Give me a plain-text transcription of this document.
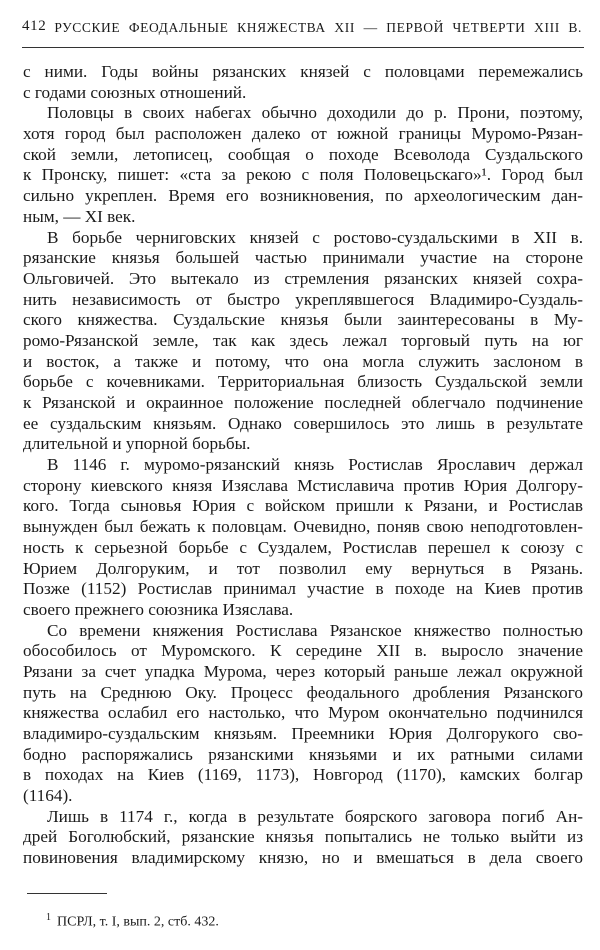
412 РУССКИЕ ФЕОДАЛЬНЫЕ КНЯЖЕСТВА XII — ПЕРВОЙ ЧЕТВЕРТИ XIII В.
с ними. Годы войны рязанских князей с половцами перемежались
с годами союзных отношений.
Половцы в своих набегах обычно доходили до р. Прони, поэтому,
хотя город был расположен далеко от южной границы Муромо-Рязан-
ской земли, летописец, сообщая о походе Всеволода Суздальского
к Пронску, пишет: «ста за рекою с поля Половецьскаго»¹. Город был
сильно укреплен. Время его возникновения, по археологическим дан-
ным, — XI век.
В борьбе черниговских князей с ростово-суздальскими в XII в.
рязанские князья большей частью принимали участие на стороне
Ольговичей. Это вытекало из стремления рязанских князей сохра-
нить независимость от быстро укреплявшегося Владимиро-Суздаль-
ского княжества. Суздальские князья были заинтересованы в Му-
ромо-Рязанской земле, так как здесь лежал торговый путь на юг
и восток, а также и потому, что она могла служить заслоном в
борьбе с кочевниками. Территориальная близость Суздальской земли
к Рязанской и окраинное положение последней облегчало подчинение
ее суздальским князьям. Однако совершилось это лишь в результате
длительной и упорной борьбы.
В 1146 г. муромо-рязанский князь Ростислав Ярославич держал
сторону киевского князя Изяслава Мстиславича против Юрия Долгору-
кого. Тогда сыновья Юрия с войском пришли к Рязани, и Ростислав
вынужден был бежать к половцам. Очевидно, поняв свою неподготовлен-
ность к серьезной борьбе с Суздалем, Ростислав перешел к союзу с
Юрием Долгоруким, и тот позволил ему вернуться в Рязань.
Позже (1152) Ростислав принимал участие в походе на Киев против
своего прежнего союзника Изяслава.
Со времени княжения Ростислава Рязанское княжество полностью
обособилось от Муромского. К середине XII в. выросло значение
Рязани за счет упадка Мурома, через который раньше лежал окружной
путь на Среднюю Оку. Процесс феодального дробления Рязанского
княжества ослабил его настолько, что Муром окончательно подчинился
владимиро-суздальским князьям. Преемники Юрия Долгорукого сво-
бодно распоряжались рязанскими князьями и их ратными силами
в походах на Киев (1169, 1173), Новгород (1170), камских болгар
(1164).
Лишь в 1174 г., когда в результате боярского заговора погиб Ан-
дрей Боголюбский, рязанские князья попытались не только выйти из
повиновения владимирскому князю, но и вмешаться в дела своего
$^1$ ПСРЛ, т. I, вып. 2, стб. 432.
